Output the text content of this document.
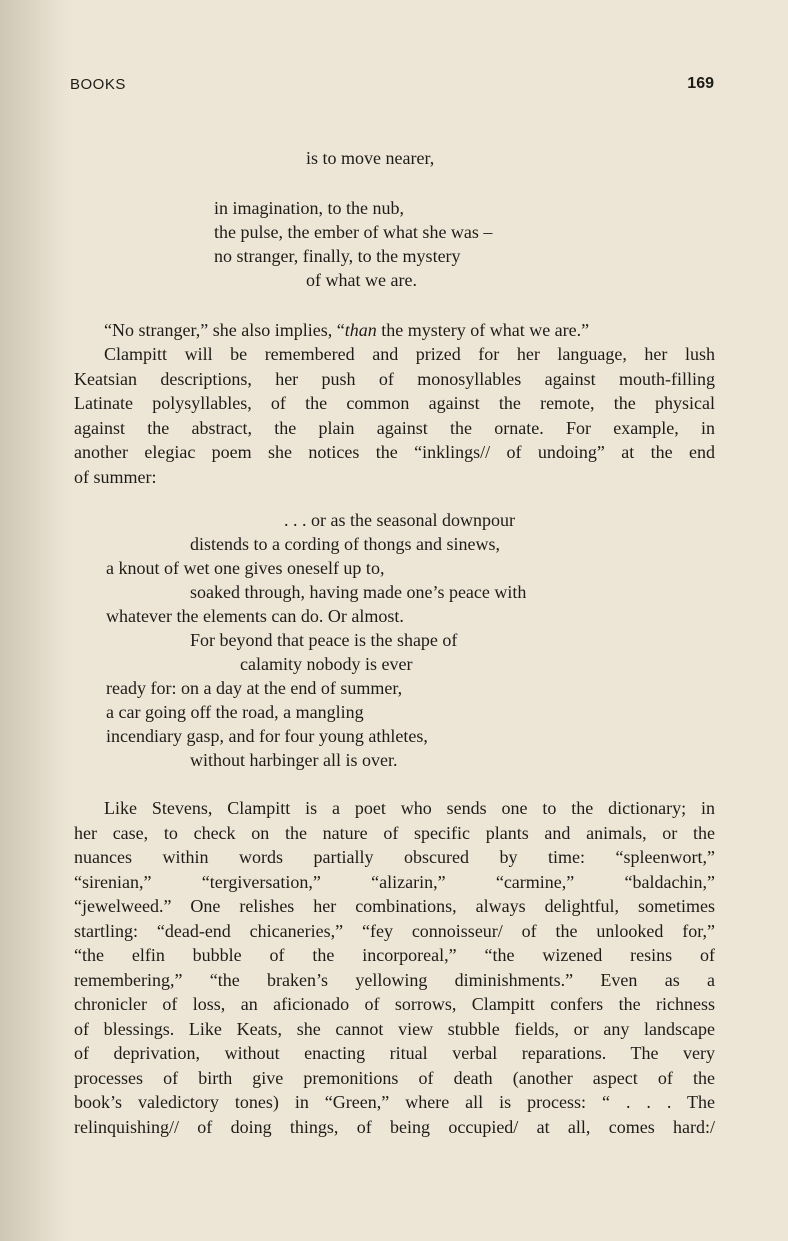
BOOKS	169
is to move nearer,
in imagination, to the nub,
the pulse, the ember of what she was –
no stranger, finally, to the mystery
of what we are.
“No stranger,” she also implies, “than the mystery of what we are.”
Clampitt will be remembered and prized for her language, her lush
Keatsian descriptions, her push of monosyllables against mouth-filling
Latinate polysyllables, of the common against the remote, the physical
against the abstract, the plain against the ornate. For example, in
another elegiac poem she notices the “inklings// of undoing” at the end
of summer:
. . . or as the seasonal downpour
distends to a cording of thongs and sinews,
a knout of wet one gives oneself up to,
soaked through, having made one’s peace with
whatever the elements can do. Or almost.
For beyond that peace is the shape of
calamity nobody is ever
ready for: on a day at the end of summer,
a car going off the road, a mangling
incendiary gasp, and for four young athletes,
without harbinger all is over.
Like Stevens, Clampitt is a poet who sends one to the dictionary; in
her case, to check on the nature of specific plants and animals, or the
nuances within words partially obscured by time: “spleenwort,”
“sirenian,” “tergiversation,” “alizarin,” “carmine,” “baldachin,”
“jewelweed.” One relishes her combinations, always delightful, sometimes
startling: “dead-end chicaneries,” “fey connoisseur/ of the unlooked for,”
“the elfin bubble of the incorporeal,” “the wizened resins of
remembering,” “the braken’s yellowing diminishments.” Even as a
chronicler of loss, an aficionado of sorrows, Clampitt confers the richness
of blessings. Like Keats, she cannot view stubble fields, or any landscape
of deprivation, without enacting ritual verbal reparations. The very
processes of birth give premonitions of death (another aspect of the
book’s valedictory tones) in “Green,” where all is process: “ . . . The
relinquishing// of doing things, of being occupied/ at all, comes hard:/
